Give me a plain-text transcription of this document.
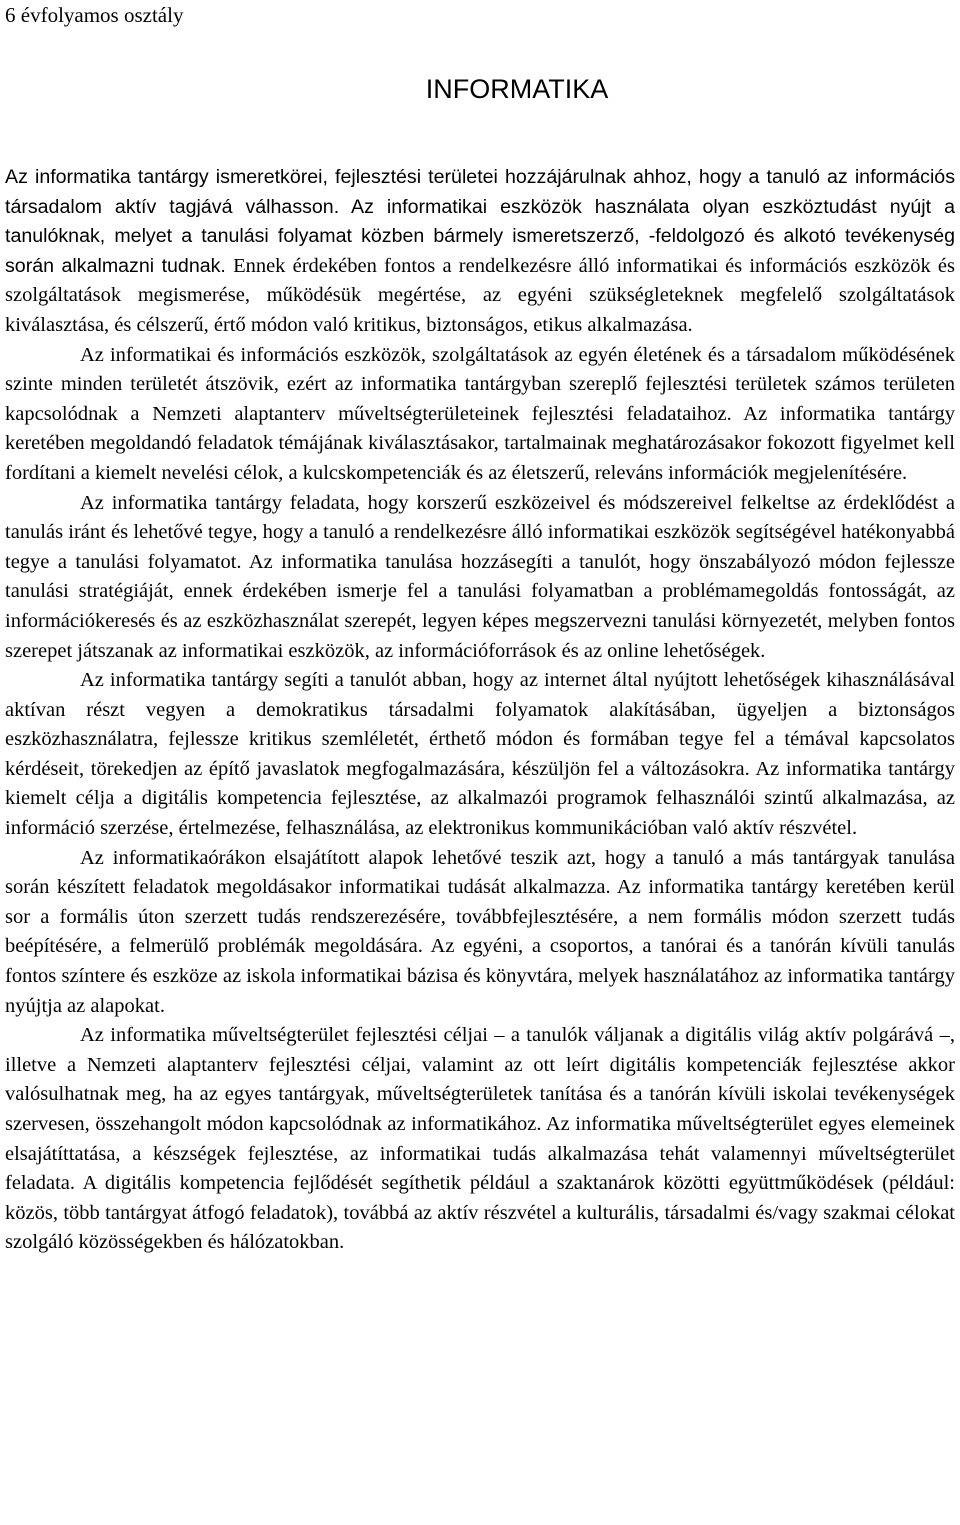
6 évfolyamos osztály

INFORMATIKA

Az informatika tantárgy ismeretkörei, fejlesztési területei hozzájárulnak ahhoz, hogy a tanuló az információs társadalom aktív tagjává válhasson. Az informatikai eszközök használata olyan eszköztudást nyújt a tanulóknak, melyet a tanulási folyamat közben bármely ismeretszerző, -feldolgozó és alkotó tevékenység során alkalmazni tudnak. Ennek érdekében fontos a rendelkezésre álló informatikai és információs eszközök és szolgáltatások megismerése, működésük megértése, az egyéni szükségleteknek megfelelő szolgáltatások kiválasztása, és célszerű, értő módon való kritikus, biztonságos, etikus alkalmazása.

Az informatikai és információs eszközök, szolgáltatások az egyén életének és a társadalom működésének szinte minden területét átszövik, ezért az informatika tantárgyban szereplő fejlesztési területek számos területen kapcsolódnak a Nemzeti alaptanterv műveltségterületeinek fejlesztési feladataihoz. Az informatika tantárgy keretében megoldandó feladatok témájának kiválasztásakor, tartalmainak meghatározásakor fokozott figyelmet kell fordítani a kiemelt nevelési célok, a kulcskompetenciák és az életszerű, releváns információk megjelenítésére.

Az informatika tantárgy feladata, hogy korszerű eszközeivel és módszereivel felkeltse az érdeklődést a tanulás iránt és lehetővé tegye, hogy a tanuló a rendelkezésre álló informatikai eszközök segítségével hatékonyabbá tegye a tanulási folyamatot. Az informatika tanulása hozzásegíti a tanulót, hogy önszabályozó módon fejlessze tanulási stratégiáját, ennek érdekében ismerje fel a tanulási folyamatban a problémamegoldás fontosságát, az információkeresés és az eszközhasználat szerepét, legyen képes megszervezni tanulási környezetét, melyben fontos szerepet játszanak az informatikai eszközök, az információforrások és az online lehetőségek.

Az informatika tantárgy segíti a tanulót abban, hogy az internet által nyújtott lehetőségek kihasználásával aktívan részt vegyen a demokratikus társadalmi folyamatok alakításában, ügyeljen a biztonságos eszközhasználatra, fejlessze kritikus szemléletét, érthető módon és formában tegye fel a témával kapcsolatos kérdéseit, törekedjen az építő javaslatok megfogalmazására, készüljön fel a változásokra. Az informatika tantárgy kiemelt célja a digitális kompetencia fejlesztése, az alkalmazói programok felhasználói szintű alkalmazása, az információ szerzése, értelmezése, felhasználása, az elektronikus kommunikációban való aktív részvétel.

Az informatikaórákon elsajátított alapok lehetővé teszik azt, hogy a tanuló a más tantárgyak tanulása során készített feladatok megoldásakor informatikai tudását alkalmazza. Az informatika tantárgy keretében kerül sor a formális úton szerzett tudás rendszerezésére, továbbfejlesztésére, a nem formális módon szerzett tudás beépítésére, a felmerülő problémák megoldására. Az egyéni, a csoportos, a tanórai és a tanórán kívüli tanulás fontos színtere és eszköze az iskola informatikai bázisa és könyvtára, melyek használatához az informatika tantárgy nyújtja az alapokat.

Az informatika műveltségterület fejlesztési céljai – a tanulók váljanak a digitális világ aktív polgárává –, illetve a Nemzeti alaptanterv fejlesztési céljai, valamint az ott leírt digitális kompetenciák fejlesztése akkor valósulhatnak meg, ha az egyes tantárgyak, műveltségterületek tanítása és a tanórán kívüli iskolai tevékenységek szervesen, összehangolt módon kapcsolódnak az informatikához. Az informatika műveltségterület egyes elemeinek elsajátíttatása, a készségek fejlesztése, az informatikai tudás alkalmazása tehát valamennyi műveltségterület feladata. A digitális kompetencia fejlődését segíthetik például a szaktanárok közötti együttműködések (például: közös, több tantárgyat átfogó feladatok), továbbá az aktív részvétel a kulturális, társadalmi és/vagy szakmai célokat szolgáló közösségekben és hálózatokban.
